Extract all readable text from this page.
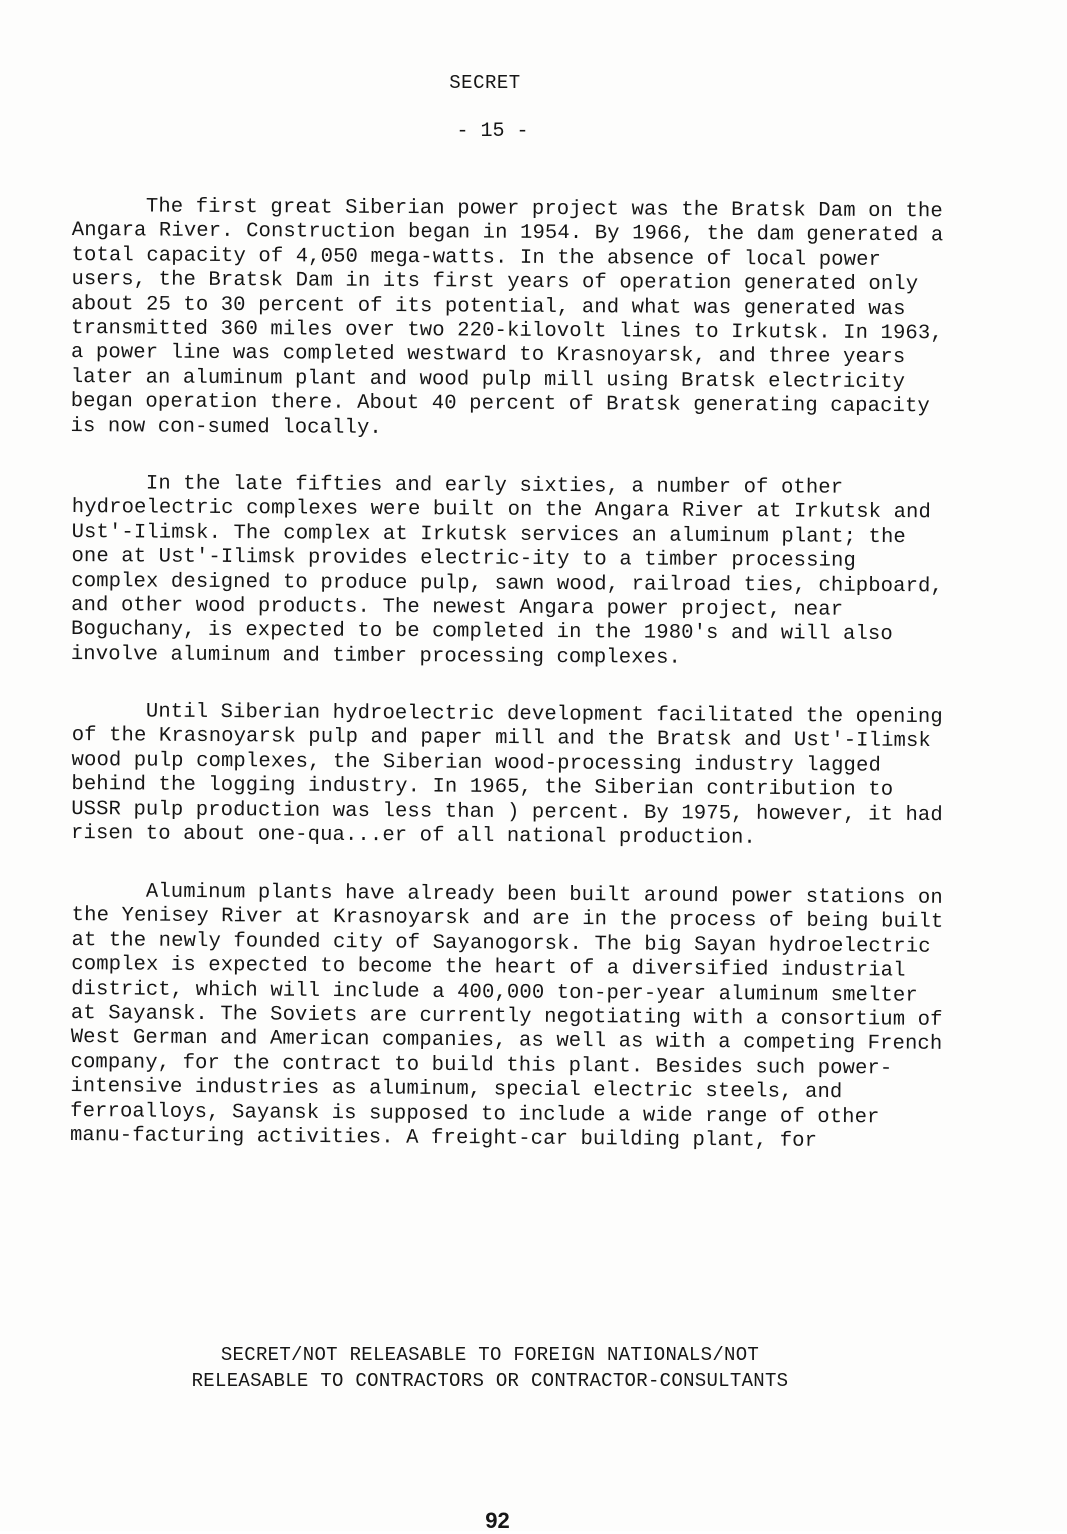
SECRET
- 15 -

The first great Siberian power project was the Bratsk Dam on the Angara River. Construction began in 1954. By 1966, the dam generated a total capacity of 4,050 mega-watts. In the absence of local power users, the Bratsk Dam in its first years of operation generated only about 25 to 30 percent of its potential, and what was generated was transmitted 360 miles over two 220-kilovolt lines to Irkutsk. In 1963, a power line was completed westward to Krasnoyarsk, and three years later an aluminum plant and wood pulp mill using Bratsk electricity began operation there. About 40 percent of Bratsk generating capacity is now con-sumed locally.

In the late fifties and early sixties, a number of other hydroelectric complexes were built on the Angara River at Irkutsk and Ust'-Ilimsk. The complex at Irkutsk services an aluminum plant; the one at Ust'-Ilimsk provides electric-ity to a timber processing complex designed to produce pulp, sawn wood, railroad ties, chipboard, and other wood products. The newest Angara power project, near Boguchany, is expected to be completed in the 1980's and will also involve aluminum and timber processing complexes.

Until Siberian hydroelectric development facilitated the opening of the Krasnoyarsk pulp and paper mill and the Bratsk and Ust'-Ilimsk wood pulp complexes, the Siberian wood-processing industry lagged behind the logging industry. In 1965, the Siberian contribution to USSR pulp production was less than ) percent. By 1975, however, it had risen to about one-qua...er of all national production.

Aluminum plants have already been built around power stations on the Yenisey River at Krasnoyarsk and are in the process of being built at the newly founded city of Sayanogorsk. The big Sayan hydroelectric complex is expected to become the heart of a diversified industrial district, which will include a 400,000 ton-per-year aluminum smelter at Sayansk. The Soviets are currently negotiating with a consortium of West German and American companies, as well as with a competing French company, for the contract to build this plant. Besides such power-intensive industries as aluminum, special electric steels, and ferroalloys, Sayansk is supposed to include a wide range of other manu-facturing activities. A freight-car building plant, for

SECRET/NOT RELEASABLE TO FOREIGN NATIONALS/NOT
RELEASABLE TO CONTRACTORS OR CONTRACTOR-CONSULTANTS
92
